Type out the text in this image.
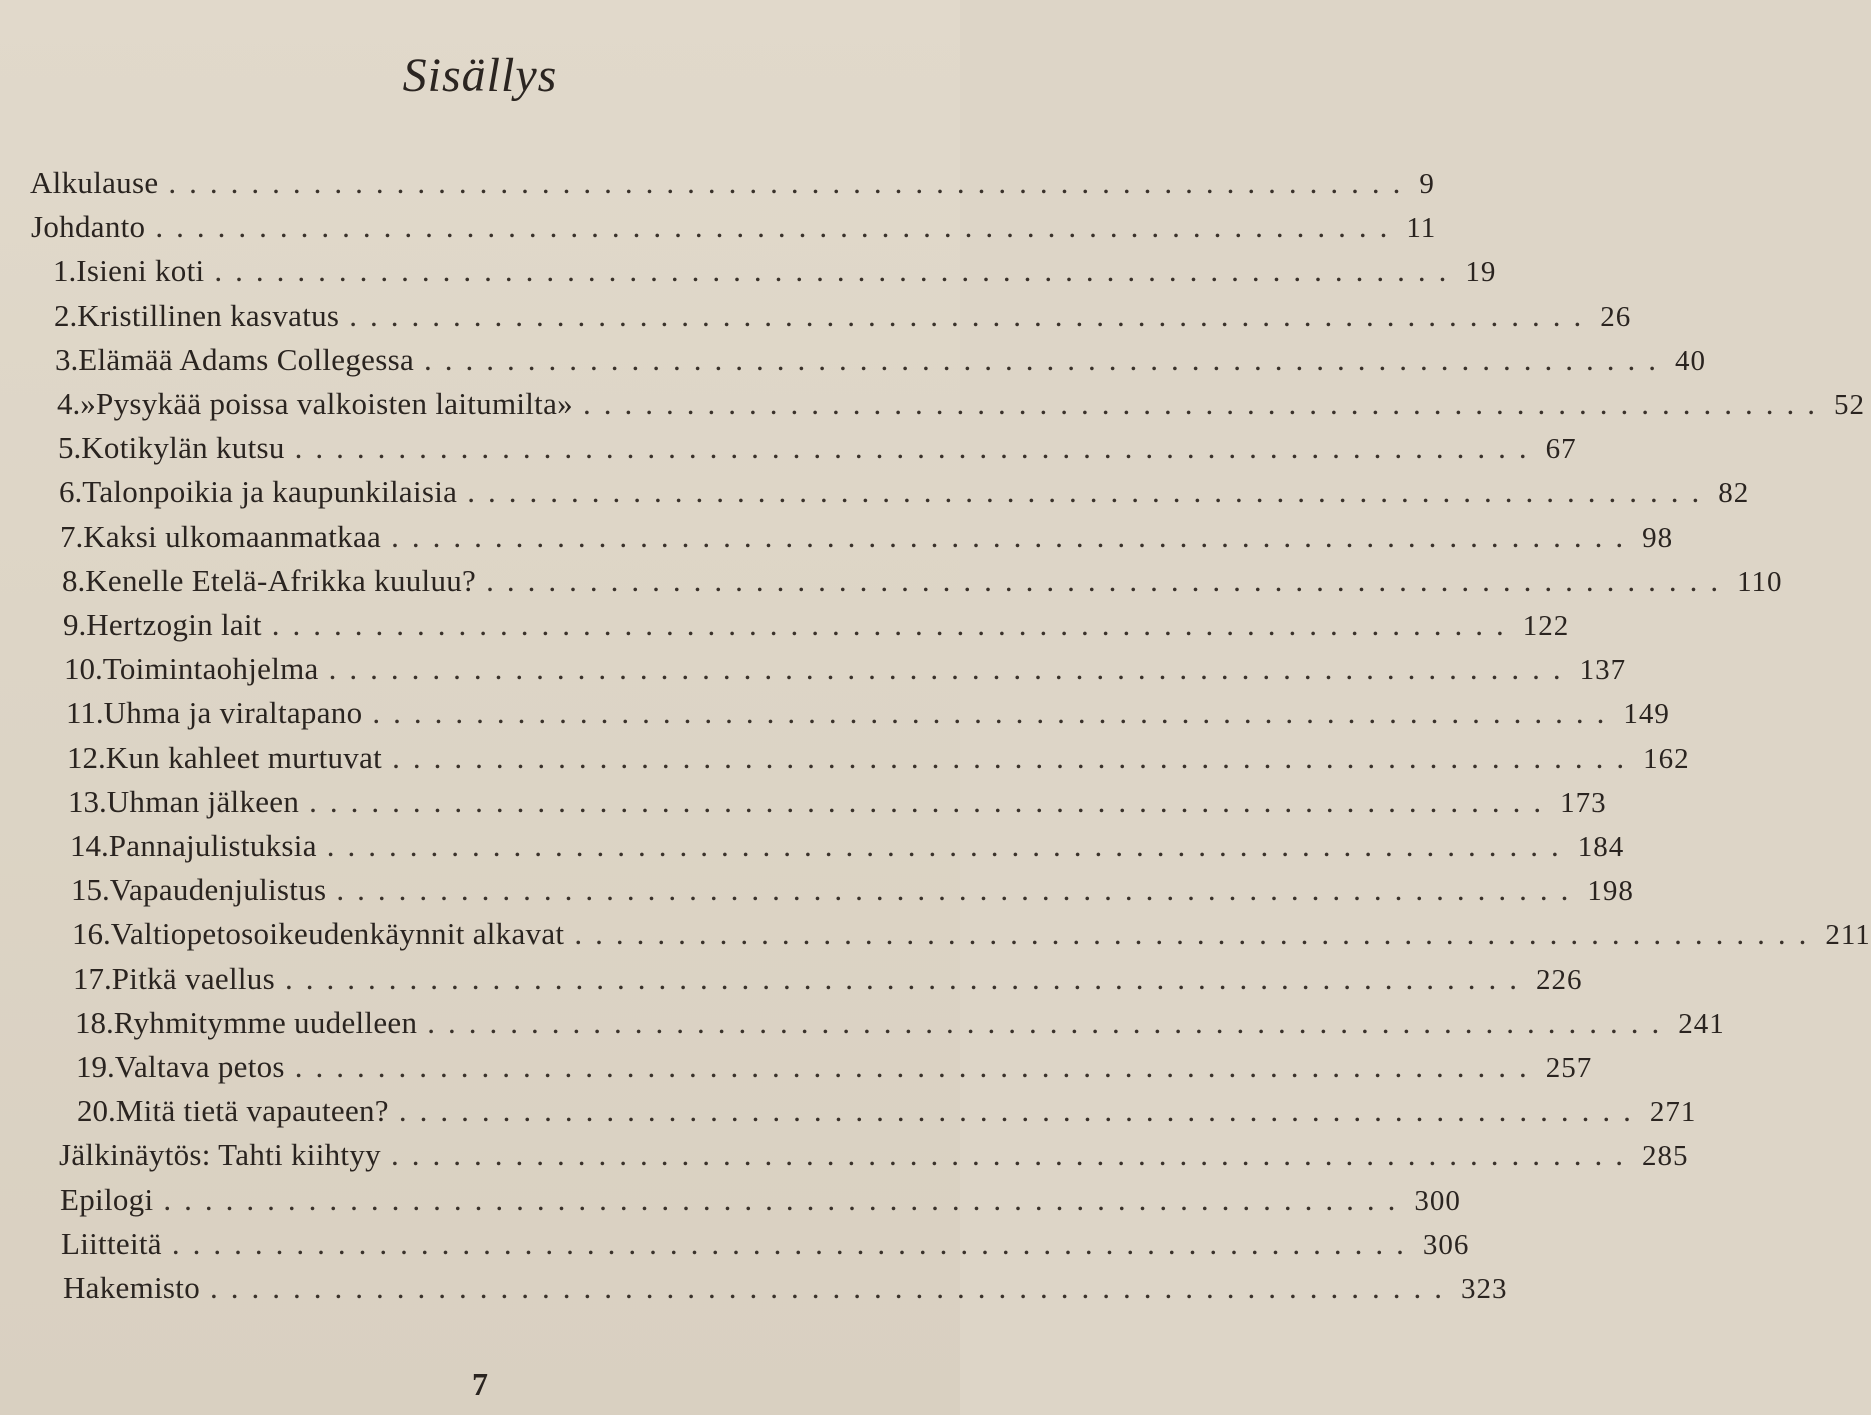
Sisällys
Alkulause ............................................................ 9
Johdanto ............................................................ 11
1. Isieni koti ............................................................ 19
2. Kristillinen kasvatus ............................................................ 26
3. Elämää Adams Collegessa ............................................................ 40
4. »Pysykää poissa valkoisten laitumilta» ............................................................ 52
5. Kotikylän kutsu ............................................................ 67
6. Talonpoikia ja kaupunkilaisia ............................................................ 82
7. Kaksi ulkomaanmatkaa ............................................................ 98
8. Kenelle Etelä-Afrikka kuuluu? ............................................................ 110
9. Hertzogin lait ............................................................ 122
10. Toimintaohjelma ............................................................ 137
11. Uhma ja viraltapano ............................................................ 149
12. Kun kahleet murtuvat ............................................................ 162
13. Uhman jälkeen ............................................................ 173
14. Pannajulistuksia ............................................................ 184
15. Vapaudenjulistus ............................................................ 198
16. Valtiopetosoikeudenkäynnit alkavat ............................................................ 211
17. Pitkä vaellus ............................................................ 226
18. Ryhmitymme uudelleen ............................................................ 241
19. Valtava petos ............................................................ 257
20. Mitä tietä vapauteen? ............................................................ 271
Jälkinäytös: Tahti kiihtyy ............................................................ 285
Epilogi ............................................................ 300
Liitteitä ............................................................ 306
Hakemisto ............................................................ 323
7
